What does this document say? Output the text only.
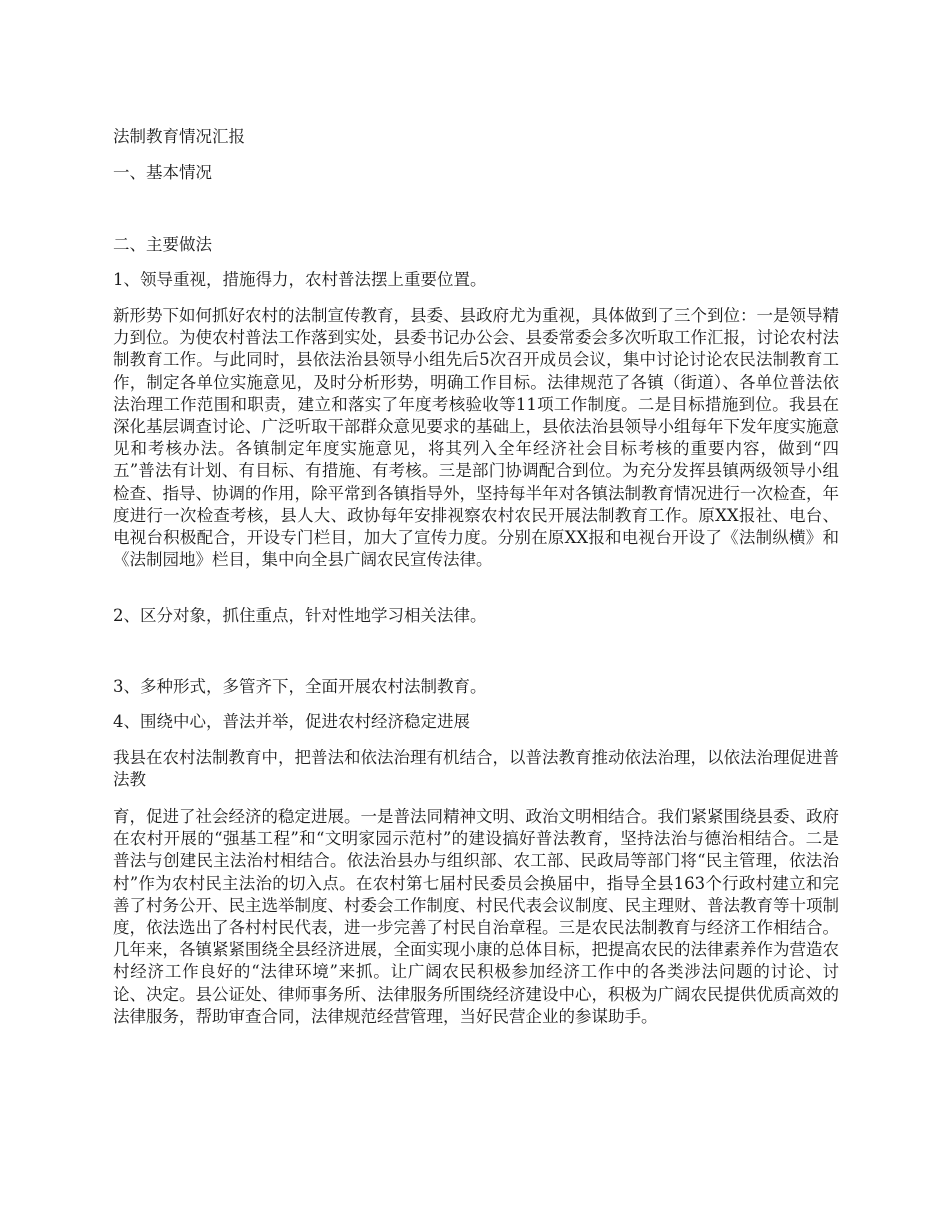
法制教育情况汇报

一、基本情况

二、主要做法

1、领导重视，措施得力，农村普法摆上重要位置。

新形势下如何抓好农村的法制宣传教育，县委、县政府尤为重视，具体做到了三个到位：一是领导精力到位。为使农村普法工作落到实处，县委书记办公会、县委常委会多次听取工作汇报，讨论农村法制教育工作。与此同时，县依法治县领导小组先后5次召开成员会议，集中讨论讨论农民法制教育工作，制定各单位实施意见，及时分析形势，明确工作目标。法律规范了各镇（街道）、各单位普法依法治理工作范围和职责，建立和落实了年度考核验收等11项工作制度。二是目标措施到位。我县在深化基层调查讨论、广泛听取干部群众意见要求的基础上，县依法治县领导小组每年下发年度实施意见和考核办法。各镇制定年度实施意见，将其列入全年经济社会目标考核的重要内容，做到“四五”普法有计划、有目标、有措施、有考核。三是部门协调配合到位。为充分发挥县镇两级领导小组检查、指导、协调的作用，除平常到各镇指导外，坚持每半年对各镇法制教育情况进行一次检查，年度进行一次检查考核，县人大、政协每年安排视察农村农民开展法制教育工作。原XX报社、电台、电视台积极配合，开设专门栏目，加大了宣传力度。分别在原XX报和电视台开设了《法制纵横》和《法制园地》栏目，集中向全县广阔农民宣传法律。

2、区分对象，抓住重点，针对性地学习相关法律。

3、多种形式，多管齐下，全面开展农村法制教育。

4、围绕中心，普法并举，促进农村经济稳定进展

我县在农村法制教育中，把普法和依法治理有机结合，以普法教育推动依法治理，以依法治理促进普法教

育，促进了社会经济的稳定进展。一是普法同精神文明、政治文明相结合。我们紧紧围绕县委、政府在农村开展的“强基工程”和“文明家园示范村”的建设搞好普法教育，坚持法治与德治相结合。二是普法与创建民主法治村相结合。依法治县办与组织部、农工部、民政局等部门将“民主管理，依法治村”作为农村民主法治的切入点。在农村第七届村民委员会换届中，指导全县163个行政村建立和完善了村务公开、民主选举制度、村委会工作制度、村民代表会议制度、民主理财、普法教育等十项制度，依法选出了各村村民代表，进一步完善了村民自治章程。三是农民法制教育与经济工作相结合。几年来，各镇紧紧围绕全县经济进展，全面实现小康的总体目标，把提高农民的法律素养作为营造农村经济工作良好的“法律环境”来抓。让广阔农民积极参加经济工作中的各类涉法问题的讨论、讨论、决定。县公证处、律师事务所、法律服务所围绕经济建设中心，积极为广阔农民提供优质高效的法律服务，帮助审查合同，法律规范经营管理，当好民营企业的参谋助手。
